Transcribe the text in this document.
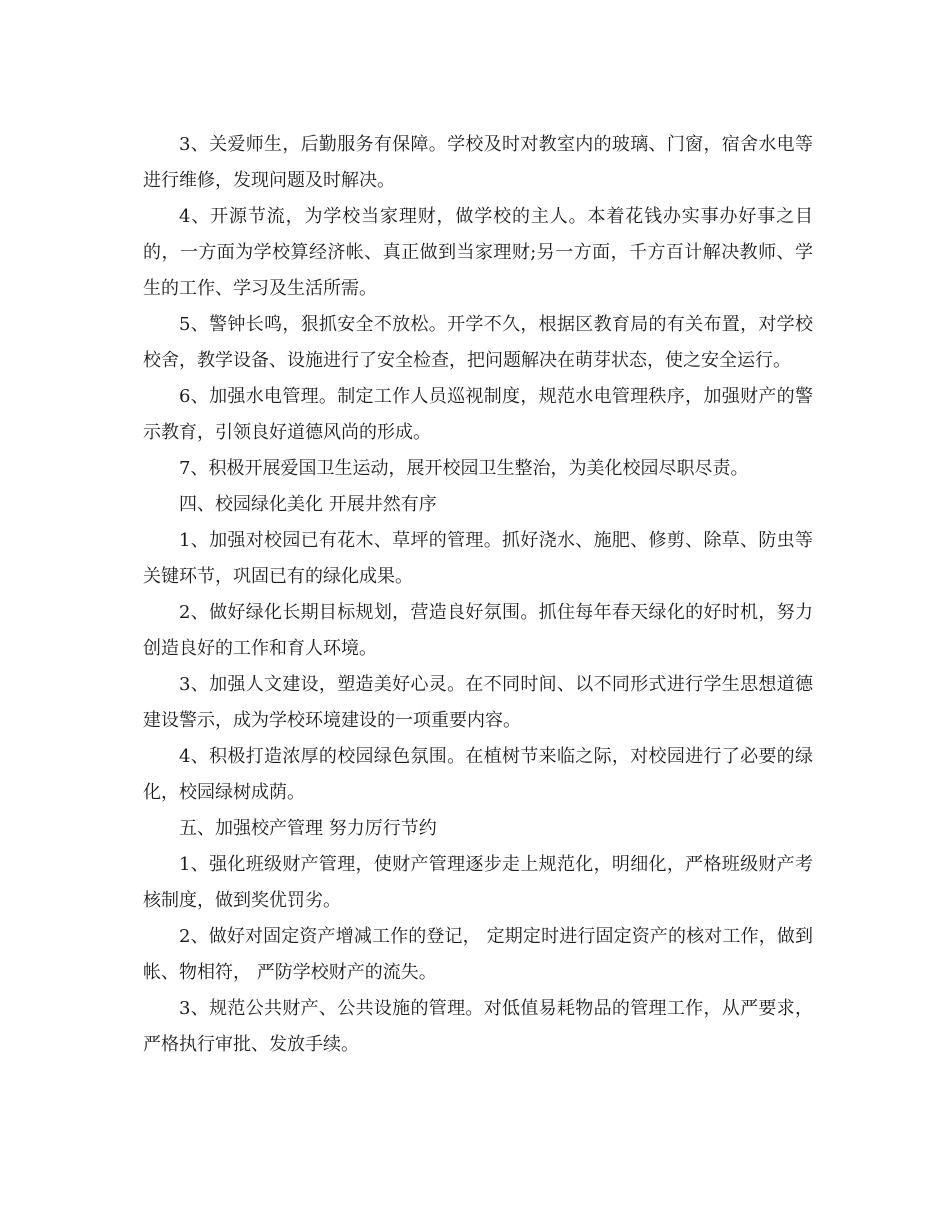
3、关爱师生，后勤服务有保障。学校及时对教室内的玻璃、门窗，宿舍水电等进行维修，发现问题及时解决。

4、开源节流，为学校当家理财，做学校的主人。本着花钱办实事办好事之目的，一方面为学校算经济帐、真正做到当家理财;另一方面，千方百计解决教师、学生的工作、学习及生活所需。

5、警钟长鸣，狠抓安全不放松。开学不久，根据区教育局的有关布置，对学校校舍，教学设备、设施进行了安全检查，把问题解决在萌芽状态，使之安全运行。

6、加强水电管理。制定工作人员巡视制度，规范水电管理秩序，加强财产的警示教育，引领良好道德风尚的形成。

7、积极开展爱国卫生运动，展开校园卫生整治，为美化校园尽职尽责。

四、校园绿化美化 开展井然有序

1、加强对校园已有花木、草坪的管理。抓好浇水、施肥、修剪、除草、防虫等关键环节，巩固已有的绿化成果。

2、做好绿化长期目标规划，营造良好氛围。抓住每年春天绿化的好时机，努力创造良好的工作和育人环境。

3、加强人文建设，塑造美好心灵。在不同时间、以不同形式进行学生思想道德建设警示，成为学校环境建设的一项重要内容。

4、积极打造浓厚的校园绿色氛围。在植树节来临之际，对校园进行了必要的绿化，校园绿树成荫。

五、加强校产管理 努力厉行节约

1、强化班级财产管理，使财产管理逐步走上规范化，明细化，严格班级财产考核制度，做到奖优罚劣。

2、做好对固定资产增减工作的登记， 定期定时进行固定资产的核对工作，做到帐、物相符， 严防学校财产的流失。

3、规范公共财产、公共设施的管理。对低值易耗物品的管理工作，从严要求，严格执行审批、发放手续。
